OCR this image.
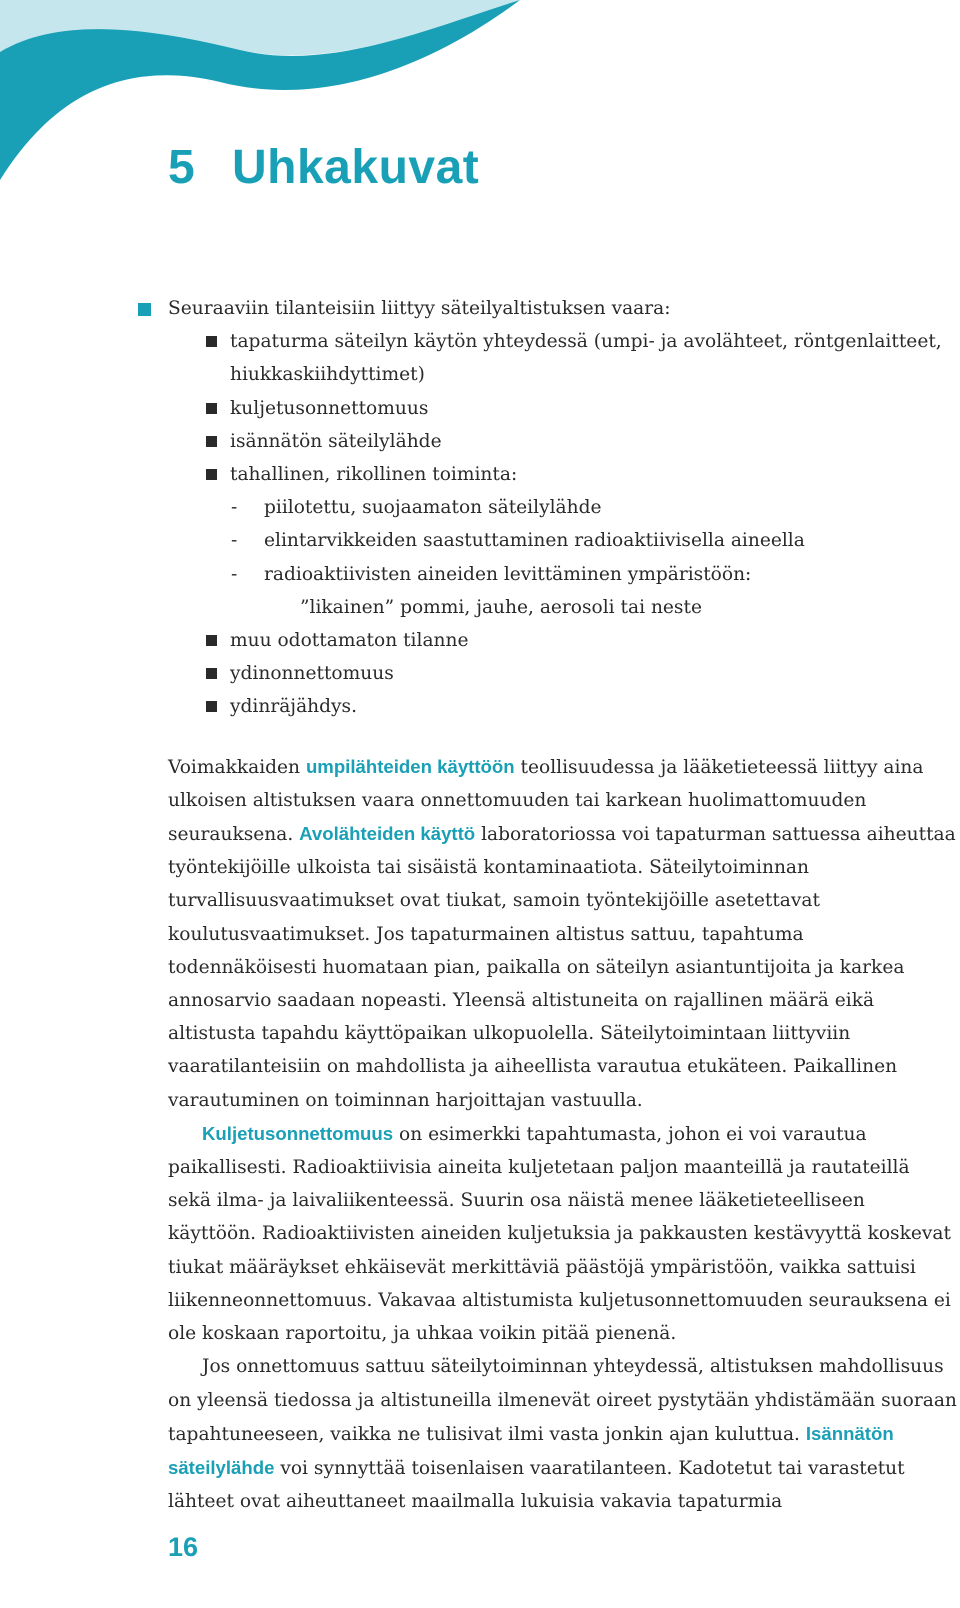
5 Uhkakuvat
Seuraaviin tilanteisiin liittyy säteilyaltistuksen vaara:
tapaturma säteilyn käytön yhteydessä (umpi- ja avolähteet, röntgenlaitteet, hiukkaskiihdyttimet)
kuljetusonnettomuus
isännätön säteilylähde
tahallinen, rikollinen toiminta:
- piilotettu, suojaamaton säteilylähde
- elintarvikkeiden saastuttaminen radioaktiivisella aineella
- radioaktiivisten aineiden levittäminen ympäristöön:
”likainen” pommi, jauhe, aerosoli tai neste
muu odottamaton tilanne
ydinonnettomuus
ydinräjähdys.

Voimakkaiden umpilähteiden käyttöön teollisuudessa ja lääketieteessä liittyy aina ulkoisen altistuksen vaara onnettomuuden tai karkean huolimattomuuden seurauksena. Avolähteiden käyttö laboratoriossa voi tapaturman sattuessa aiheuttaa työntekijöille ulkoista tai sisäistä kontaminaatiota. Säteilytoiminnan turvallisuusvaatimukset ovat tiukat, samoin työntekijöille asetettavat koulutusvaatimukset. Jos tapaturmainen altistus sattuu, tapahtuma todennäköisesti huomataan pian, paikalla on säteilyn asiantuntijoita ja karkea annosarvio saadaan nopeasti. Yleensä altistuneita on rajallinen määrä eikä altistusta tapahdu käyttöpaikan ulkopuolella. Säteilytoimintaan liittyviin vaaratilanteisiin on mahdollista ja aiheellista varautua etukäteen. Paikallinen varautuminen on toiminnan harjoittajan vastuulla.

Kuljetusonnettomuus on esimerkki tapahtumasta, johon ei voi varautua paikallisesti. Radioaktiivisia aineita kuljetetaan paljon maanteillä ja rautateillä sekä ilma- ja laivaliikenteessä. Suurin osa näistä menee lääketieteelliseen käyttöön. Radioaktiivisten aineiden kuljetuksia ja pakkausten kestävyyttä koskevat tiukat määräykset ehkäisevät merkittäviä päästöjä ympäristöön, vaikka sattuisi liikenneonnettomuus. Vakavaa altistumista kuljetusonnettomuuden seurauksena ei ole koskaan raportoitu, ja uhkaa voikin pitää pienenä.

Jos onnettomuus sattuu säteilytoiminnan yhteydessä, altistuksen mahdollisuus on yleensä tiedossa ja altistuneilla ilmenevät oireet pystytään yhdistämään suoraan tapahtuneeseen, vaikka ne tulisivat ilmi vasta jonkin ajan kuluttua. Isännätön säteilylähde voi synnyttää toisenlaisen vaaratilanteen. Kadotetut tai varastetut lähteet ovat aiheuttaneet maailmalla lukuisia vakavia tapaturmia

16
